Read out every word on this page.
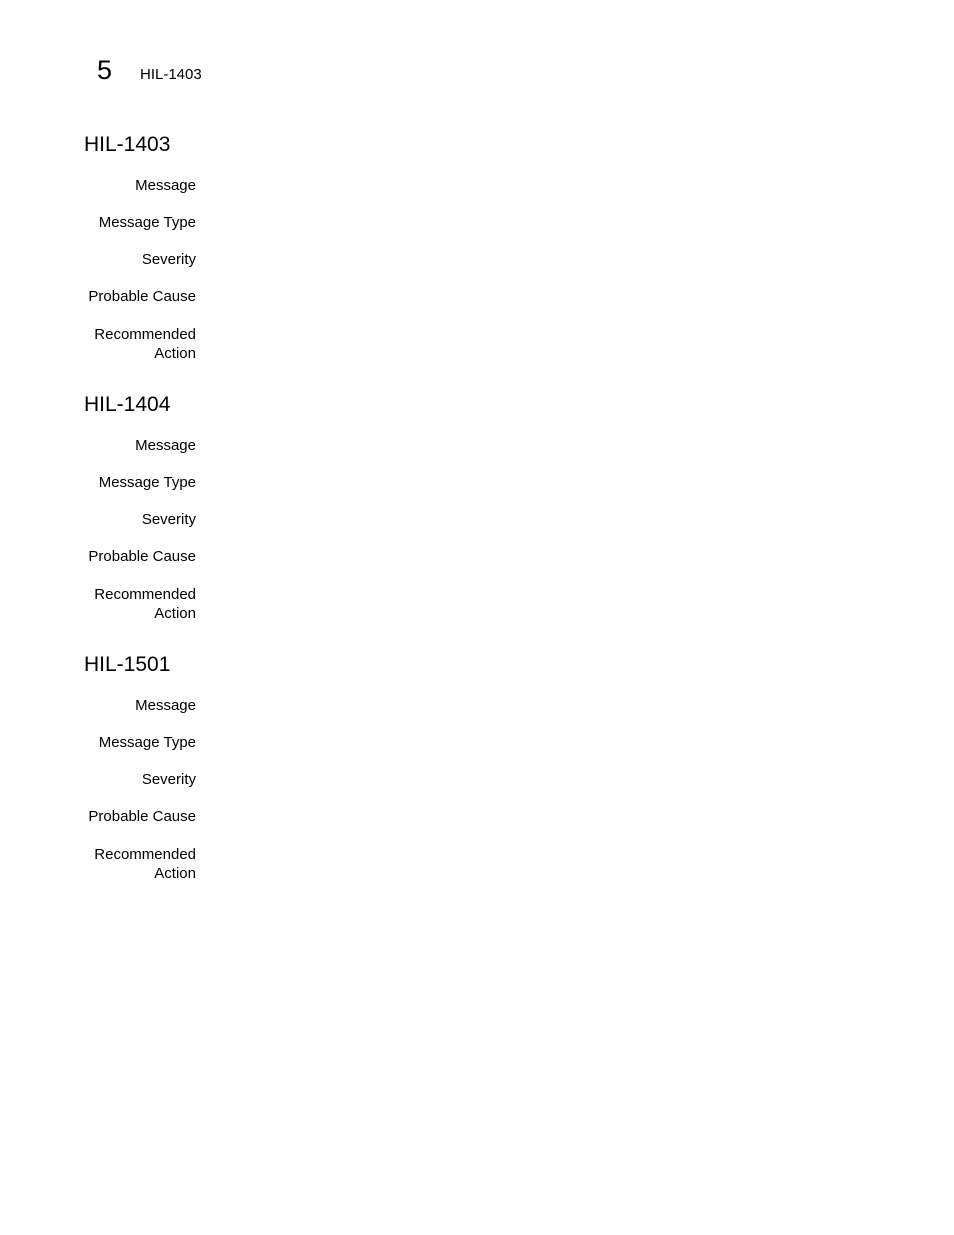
5	HIL-1403
HIL-1403
Message
Message Type
Severity
Probable Cause
Recommended
Action
HIL-1404
Message
Message Type
Severity
Probable Cause
Recommended
Action
HIL-1501
Message
Message Type
Severity
Probable Cause
Recommended
Action
